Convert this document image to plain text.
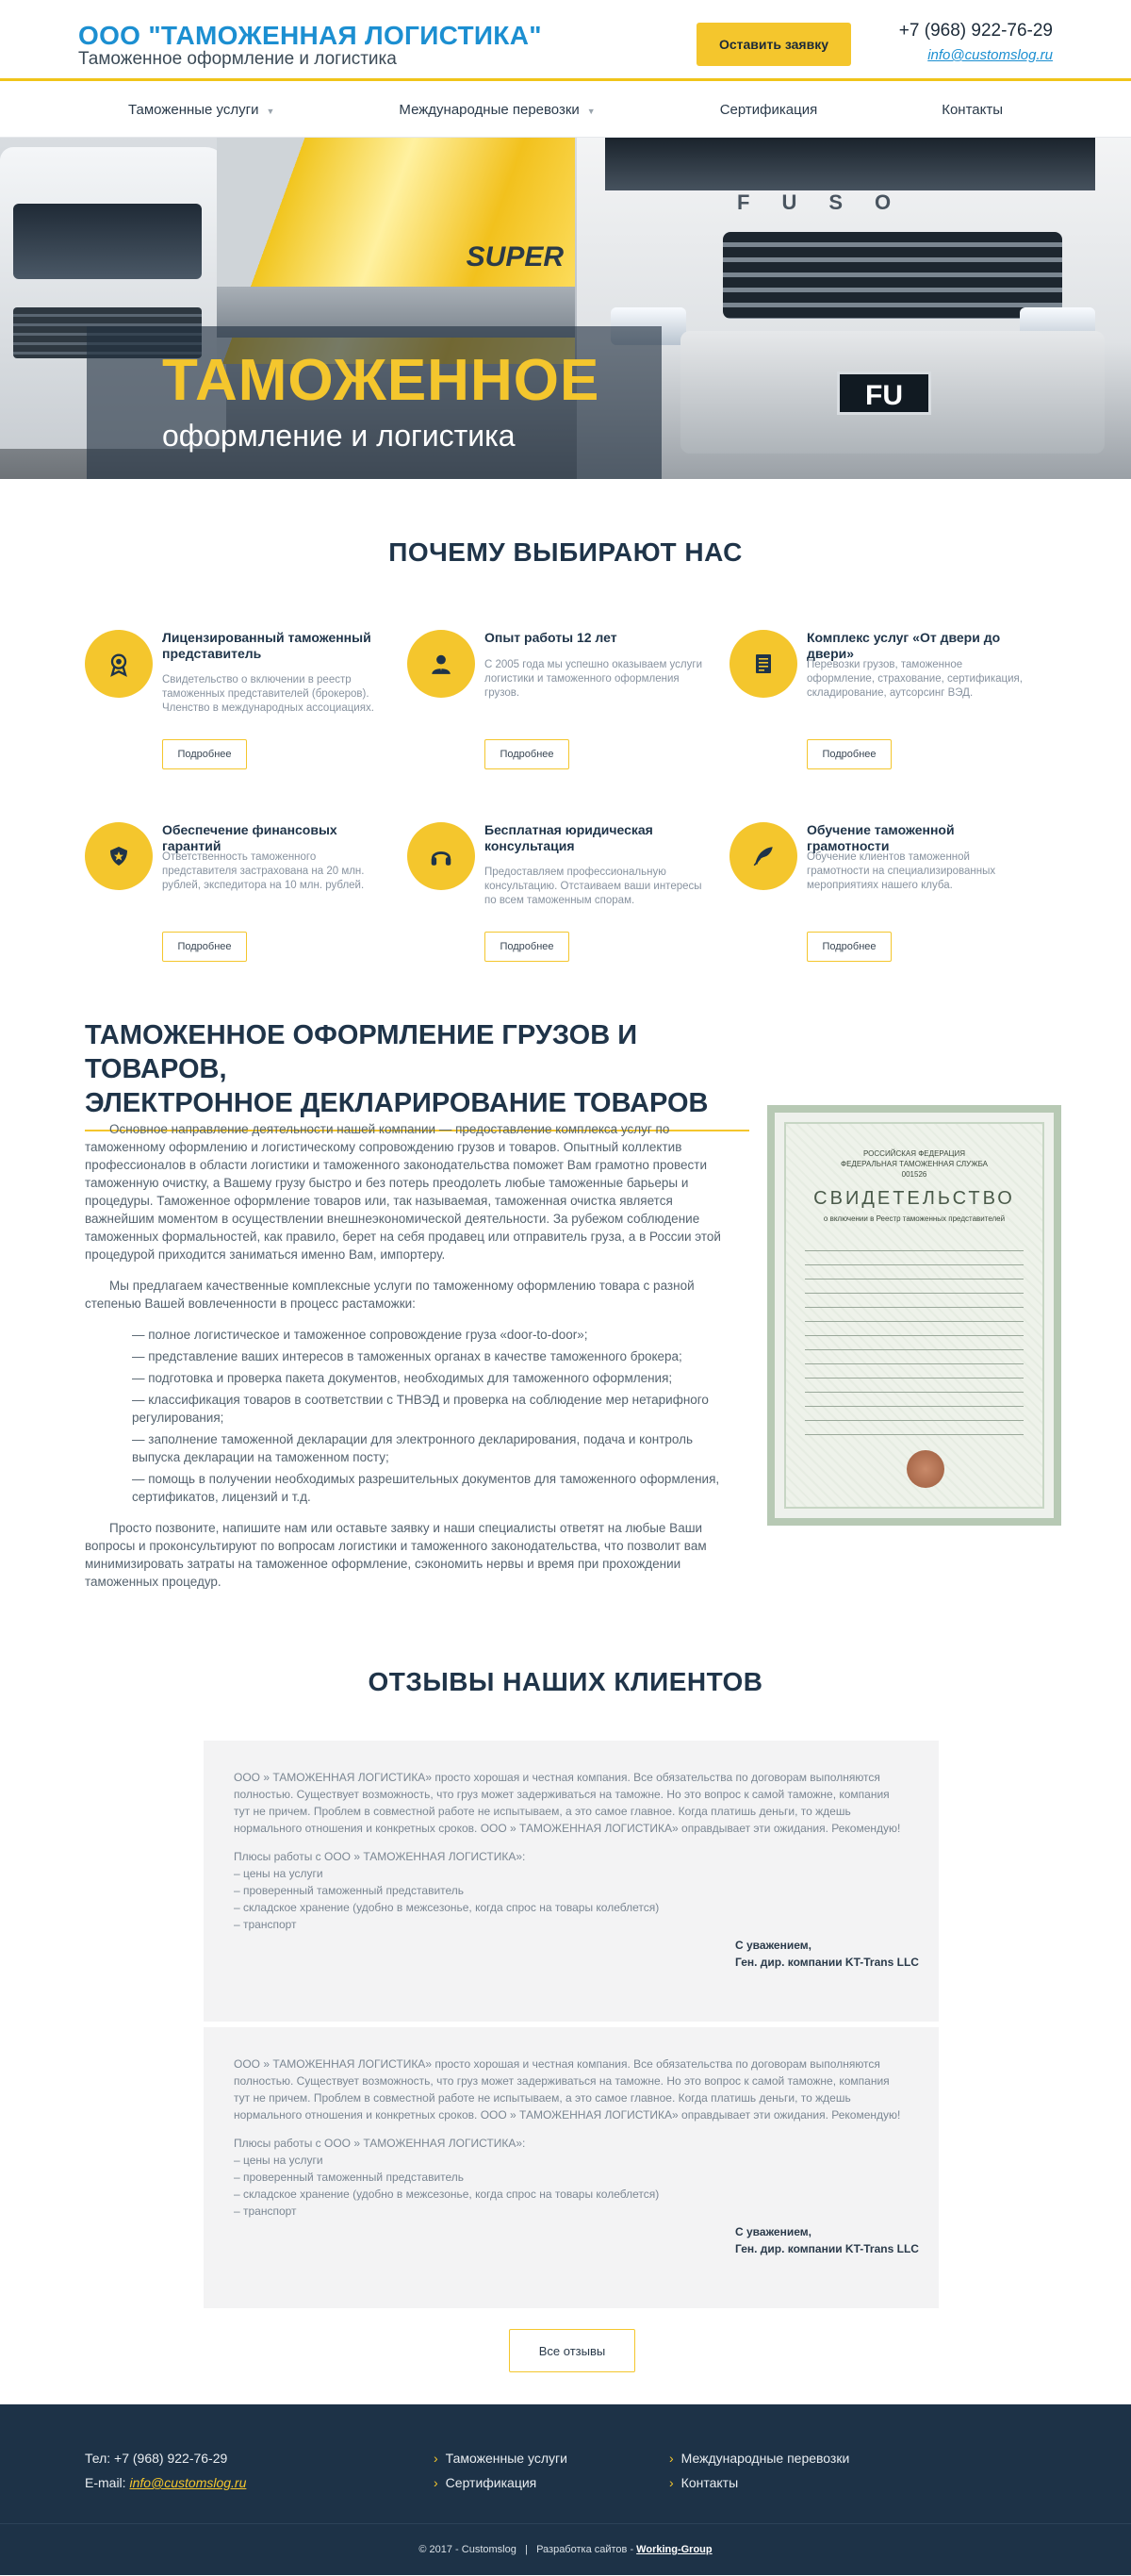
ООО "ТАМОЖЕННАЯ ЛОГИСТИКА"
Таможенное оформление и логистика
Оставить заявку
+7 (968) 922-76-29
info@customslog.ru
Таможенные услуги ▼	Международные перевозки ▼	Сертификация	Контакты
SUPER
FUSO
FU
ТАМОЖЕННОЕ
оформление и логистика
ПОЧЕМУ ВЫБИРАЮТ НАС
Лицензированный таможенный представитель
Свидетельство о включении в реестр таможенных представителей (брокеров). Членство в международных ассоциациях.
Подробнее
Опыт работы 12 лет
С 2005 года мы успешно оказываем услуги логистики и таможенного оформления грузов.
Подробнее
Комплекс услуг «От двери до двери»
Перевозки грузов, таможенное оформление, страхование, сертификация, складирование, аутсорсинг ВЭД.
Подробнее
Обеспечение финансовых гарантий
Ответственность таможенного представителя застрахована на 20 млн. рублей, экспедитора на 10 млн. рублей.
Подробнее
Бесплатная юридическая консультация
Предоставляем профессиональную консультацию. Отстаиваем ваши интересы по всем таможенным спорам.
Подробнее
Обучение таможенной грамотности
Обучение клиентов таможенной грамотности на специализированных мероприятиях нашего клуба.
Подробнее
ТАМОЖЕННОЕ ОФОРМЛЕНИЕ ГРУЗОВ И ТОВАРОВ,
ЭЛЕКТРОННОЕ ДЕКЛАРИРОВАНИЕ ТОВАРОВ

Основное направление деятельности нашей компании — предоставление комплекса услуг по таможенному оформлению и логистическому сопровождению грузов и товаров. Опытный коллектив профессионалов в области логистики и таможенного законодательства поможет Вам грамотно провести таможенную очистку, а Вашему грузу быстро и без потерь преодолеть любые таможенные барьеры и процедуры. Таможенное оформление товаров или, так называемая, таможенная очистка является важнейшим моментом в осуществлении внешнеэкономической деятельности. За рубежом соблюдение таможенных формальностей, как правило, берет на себя продавец или отправитель груза, а в России этой процедурой приходится заниматься именно Вам, импортеру.

Мы предлагаем качественные комплексные услуги по таможенному оформлению товара с разной степенью Вашей вовлеченности в процесс растаможки:

— полное логистическое и таможенное сопровождение груза «door-to-door»;
— представление ваших интересов в таможенных органах в качестве таможенного брокера;
— подготовка и проверка пакета документов, необходимых для таможенного оформления;
— классификация товаров в соответствии с ТНВЭД и проверка на соблюдение мер нетарифного регулирования;
— заполнение таможенной декларации для электронного декларирования, подача и контроль выпуска декларации на таможенном посту;
— помощь в получении необходимых разрешительных документов для таможенного оформления, сертификатов, лицензий и т.д.

Просто позвоните, напишите нам или оставьте заявку и наши специалисты ответят на любые Ваши вопросы и проконсультируют по вопросам логистики и таможенного законодательства, что позволит вам минимизировать затраты на таможенное оформление, сэкономить нервы и время при прохождении таможенных процедур.

РОССИЙСКАЯ ФЕДЕРАЦИЯ
ФЕДЕРАЛЬНАЯ ТАМОЖЕННАЯ СЛУЖБА
001526
СВИДЕТЕЛЬСТВО
о включении в Реестр таможенных представителей
ОТЗЫВЫ НАШИХ КЛИЕНТОВ
ООО » ТАМОЖЕННАЯ ЛОГИСТИКА» просто хорошая и честная компания. Все обязательства по договорам выполняются полностью. Существует возможность, что груз может задерживаться на таможне. Но это вопрос к самой таможне, компания тут не причем. Проблем в совместной работе не испытываем, а это самое главное. Когда платишь деньги, то ждешь нормального отношения и конкретных сроков. ООО » ТАМОЖЕННАЯ ЛОГИСТИКА» оправдывает эти ожидания. Рекомендую!
Плюсы работы с ООО » ТАМОЖЕННАЯ ЛОГИСТИКА»:
– цены на услуги
– проверенный таможенный представитель
– складское хранение (удобно в межсезонье, когда спрос на товары колеблется)
– транспорт
С уважением,
Ген. дир. компании KT-Trans LLC
ООО » ТАМОЖЕННАЯ ЛОГИСТИКА» просто хорошая и честная компания. Все обязательства по договорам выполняются полностью. Существует возможность, что груз может задерживаться на таможне. Но это вопрос к самой таможне, компания тут не причем. Проблем в совместной работе не испытываем, а это самое главное. Когда платишь деньги, то ждешь нормального отношения и конкретных сроков. ООО » ТАМОЖЕННАЯ ЛОГИСТИКА» оправдывает эти ожидания. Рекомендую!
Плюсы работы с ООО » ТАМОЖЕННАЯ ЛОГИСТИКА»:
– цены на услуги
– проверенный таможенный представитель
– складское хранение (удобно в межсезонье, когда спрос на товары колеблется)
– транспорт
С уважением,
Ген. дир. компании KT-Trans LLC
Все отзывы
Тел: +7 (968) 922-76-29
E-mail: info@customslog.ru
› Таможенные услуги
› Сертификация
› Международные перевозки
› Контакты
© 2017 - Customslog | Разработка сайтов - Working-Group
